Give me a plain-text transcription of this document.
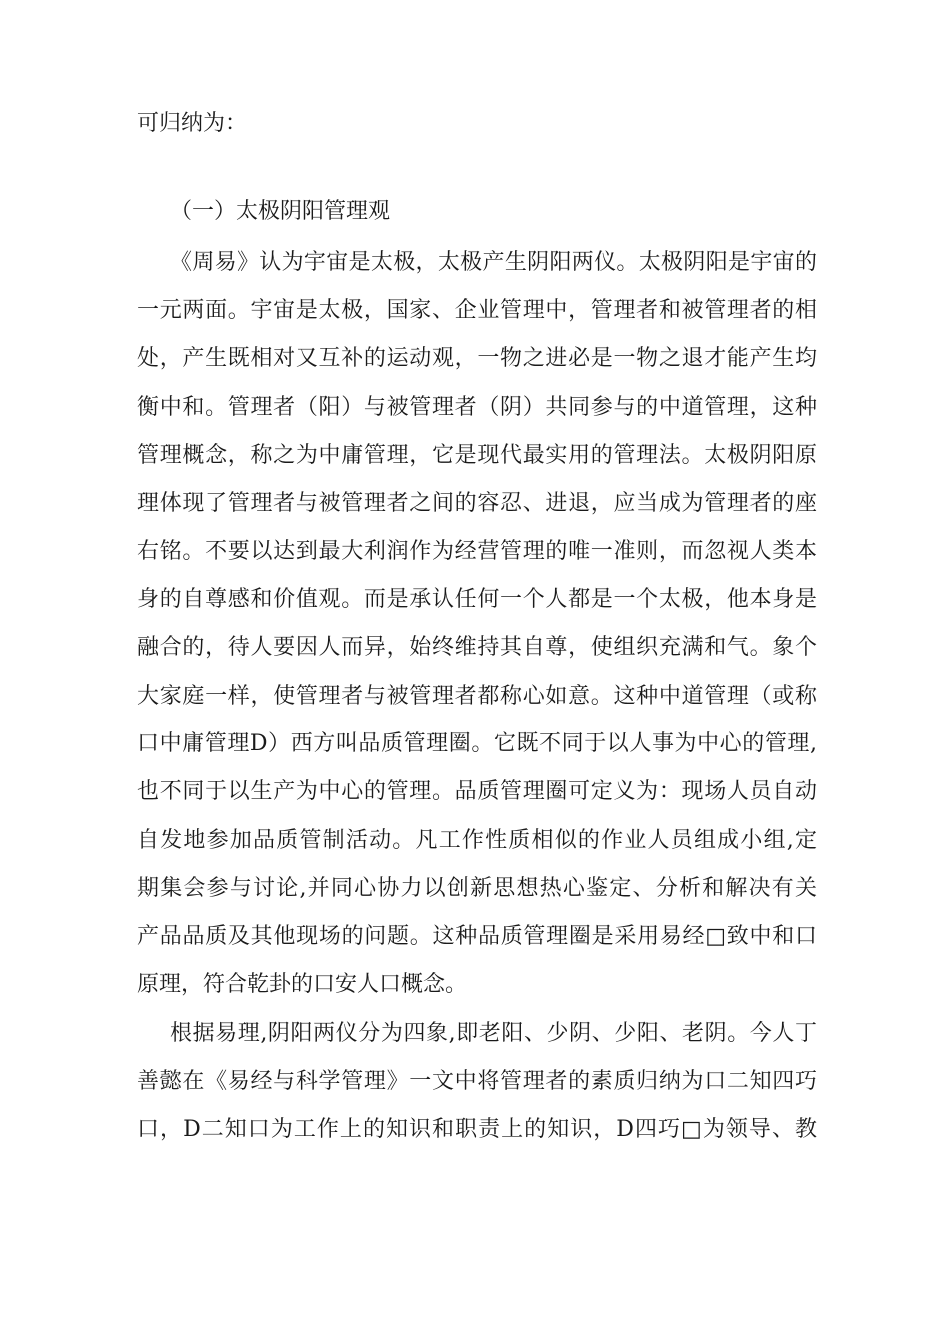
可归纳为：
（一）太极阴阳管理观
《周易》认为宇宙是太极，太极产生阴阳两仪。太极阴阳是宇宙的
一元两面。宇宙是太极，国家、企业管理中，管理者和被管理者的相
处，产生既相对又互补的运动观，一物之进必是一物之退才能产生均
衡中和。管理者（阳）与被管理者（阴）共同参与的中道管理，这种
管理概念，称之为中庸管理，它是现代最实用的管理法。太极阴阳原
理体现了管理者与被管理者之间的容忍、进退，应当成为管理者的座
右铭。不要以达到最大利润作为经营管理的唯一准则，而忽视人类本
身的自尊感和价值观。而是承认任何一个人都是一个太极，他本身是
融合的，待人要因人而异，始终维持其自尊，使组织充满和气。象个
大家庭一样，使管理者与被管理者都称心如意。这种中道管理（或称
口中庸管理D）西方叫品质管理圈。它既不同于以人事为中心的管理,
也不同于以生产为中心的管理。品质管理圈可定义为：现场人员自动
自发地参加品质管制活动。凡工作性质相似的作业人员组成小组,定
期集会参与讨论,并同心协力以创新思想热心鉴定、分析和解决有关
产品品质及其他现场的问题。这种品质管理圈是采用易经□致中和口
原理，符合乾卦的口安人口概念。
根据易理,阴阳两仪分为四象,即老阳、少阴、少阳、老阴。今人丁
善懿在《易经与科学管理》一文中将管理者的素质归纳为口二知四巧
口，D二知口为工作上的知识和职责上的知识，D四巧□为领导、教
